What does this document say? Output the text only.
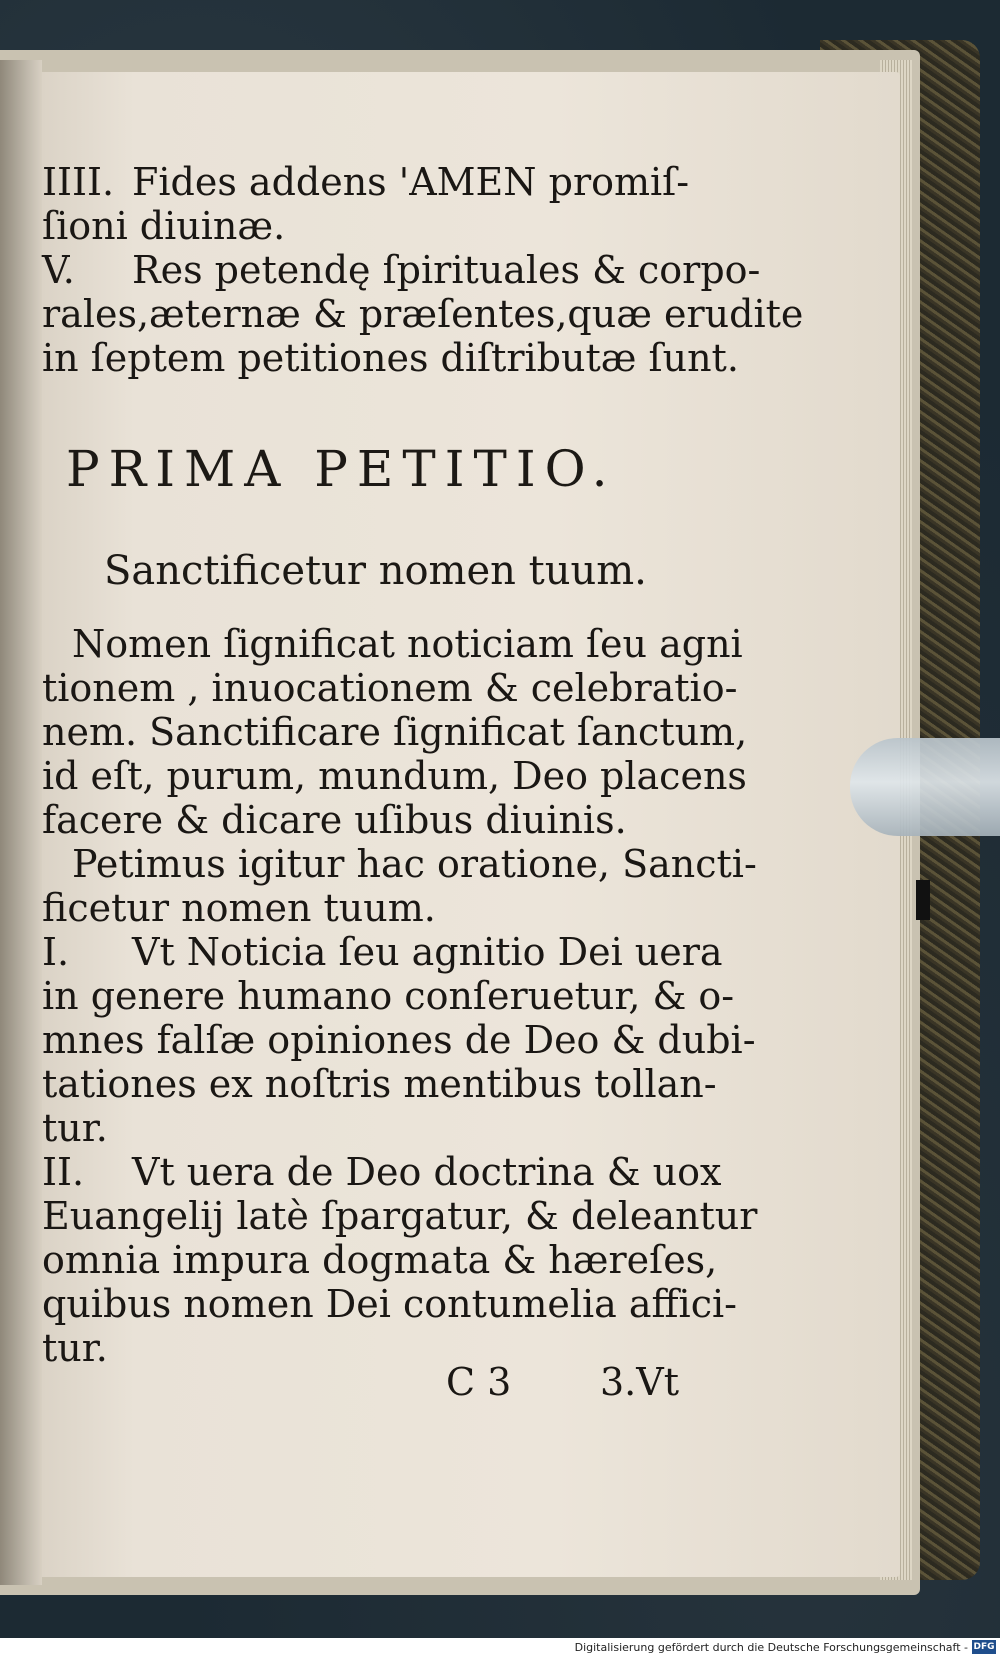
IIII. Fides addens 'AMEN promiſ-
ſioni diuinæ.
V. Res petendę ſpirituales & corpo-
rales,æternæ & præſentes,quæ erudite
in ſeptem petitiones diſtributæ ſunt.
PRIMA PETITIO.
Sanctificetur nomen tuum.
Nomen ſignificat noticiam ſeu agni
tionem , inuocationem & celebratio-
nem. Sanctificare ſignificat ſanctum,
id eſt, purum, mundum, Deo placens
facere & dicare uſibus diuinis.
Petimus igitur hac oratione, Sancti-
ficetur nomen tuum.
I. Vt Noticia ſeu agnitio Dei uera
in genere humano conſeruetur, & o-
mnes falſæ opiniones de Deo & dubi-
tationes ex noſtris mentibus tollan-
tur.
II. Vt uera de Deo doctrina & uox
Euangelij latè ſpargatur, & deleantur
omnia impura dogmata & hæreſes,
quibus nomen Dei contumelia affici-
tur.
C 3 3.Vt
Digitalisierung gefördert durch die Deutsche Forschungsgemeinschaft - DFG
